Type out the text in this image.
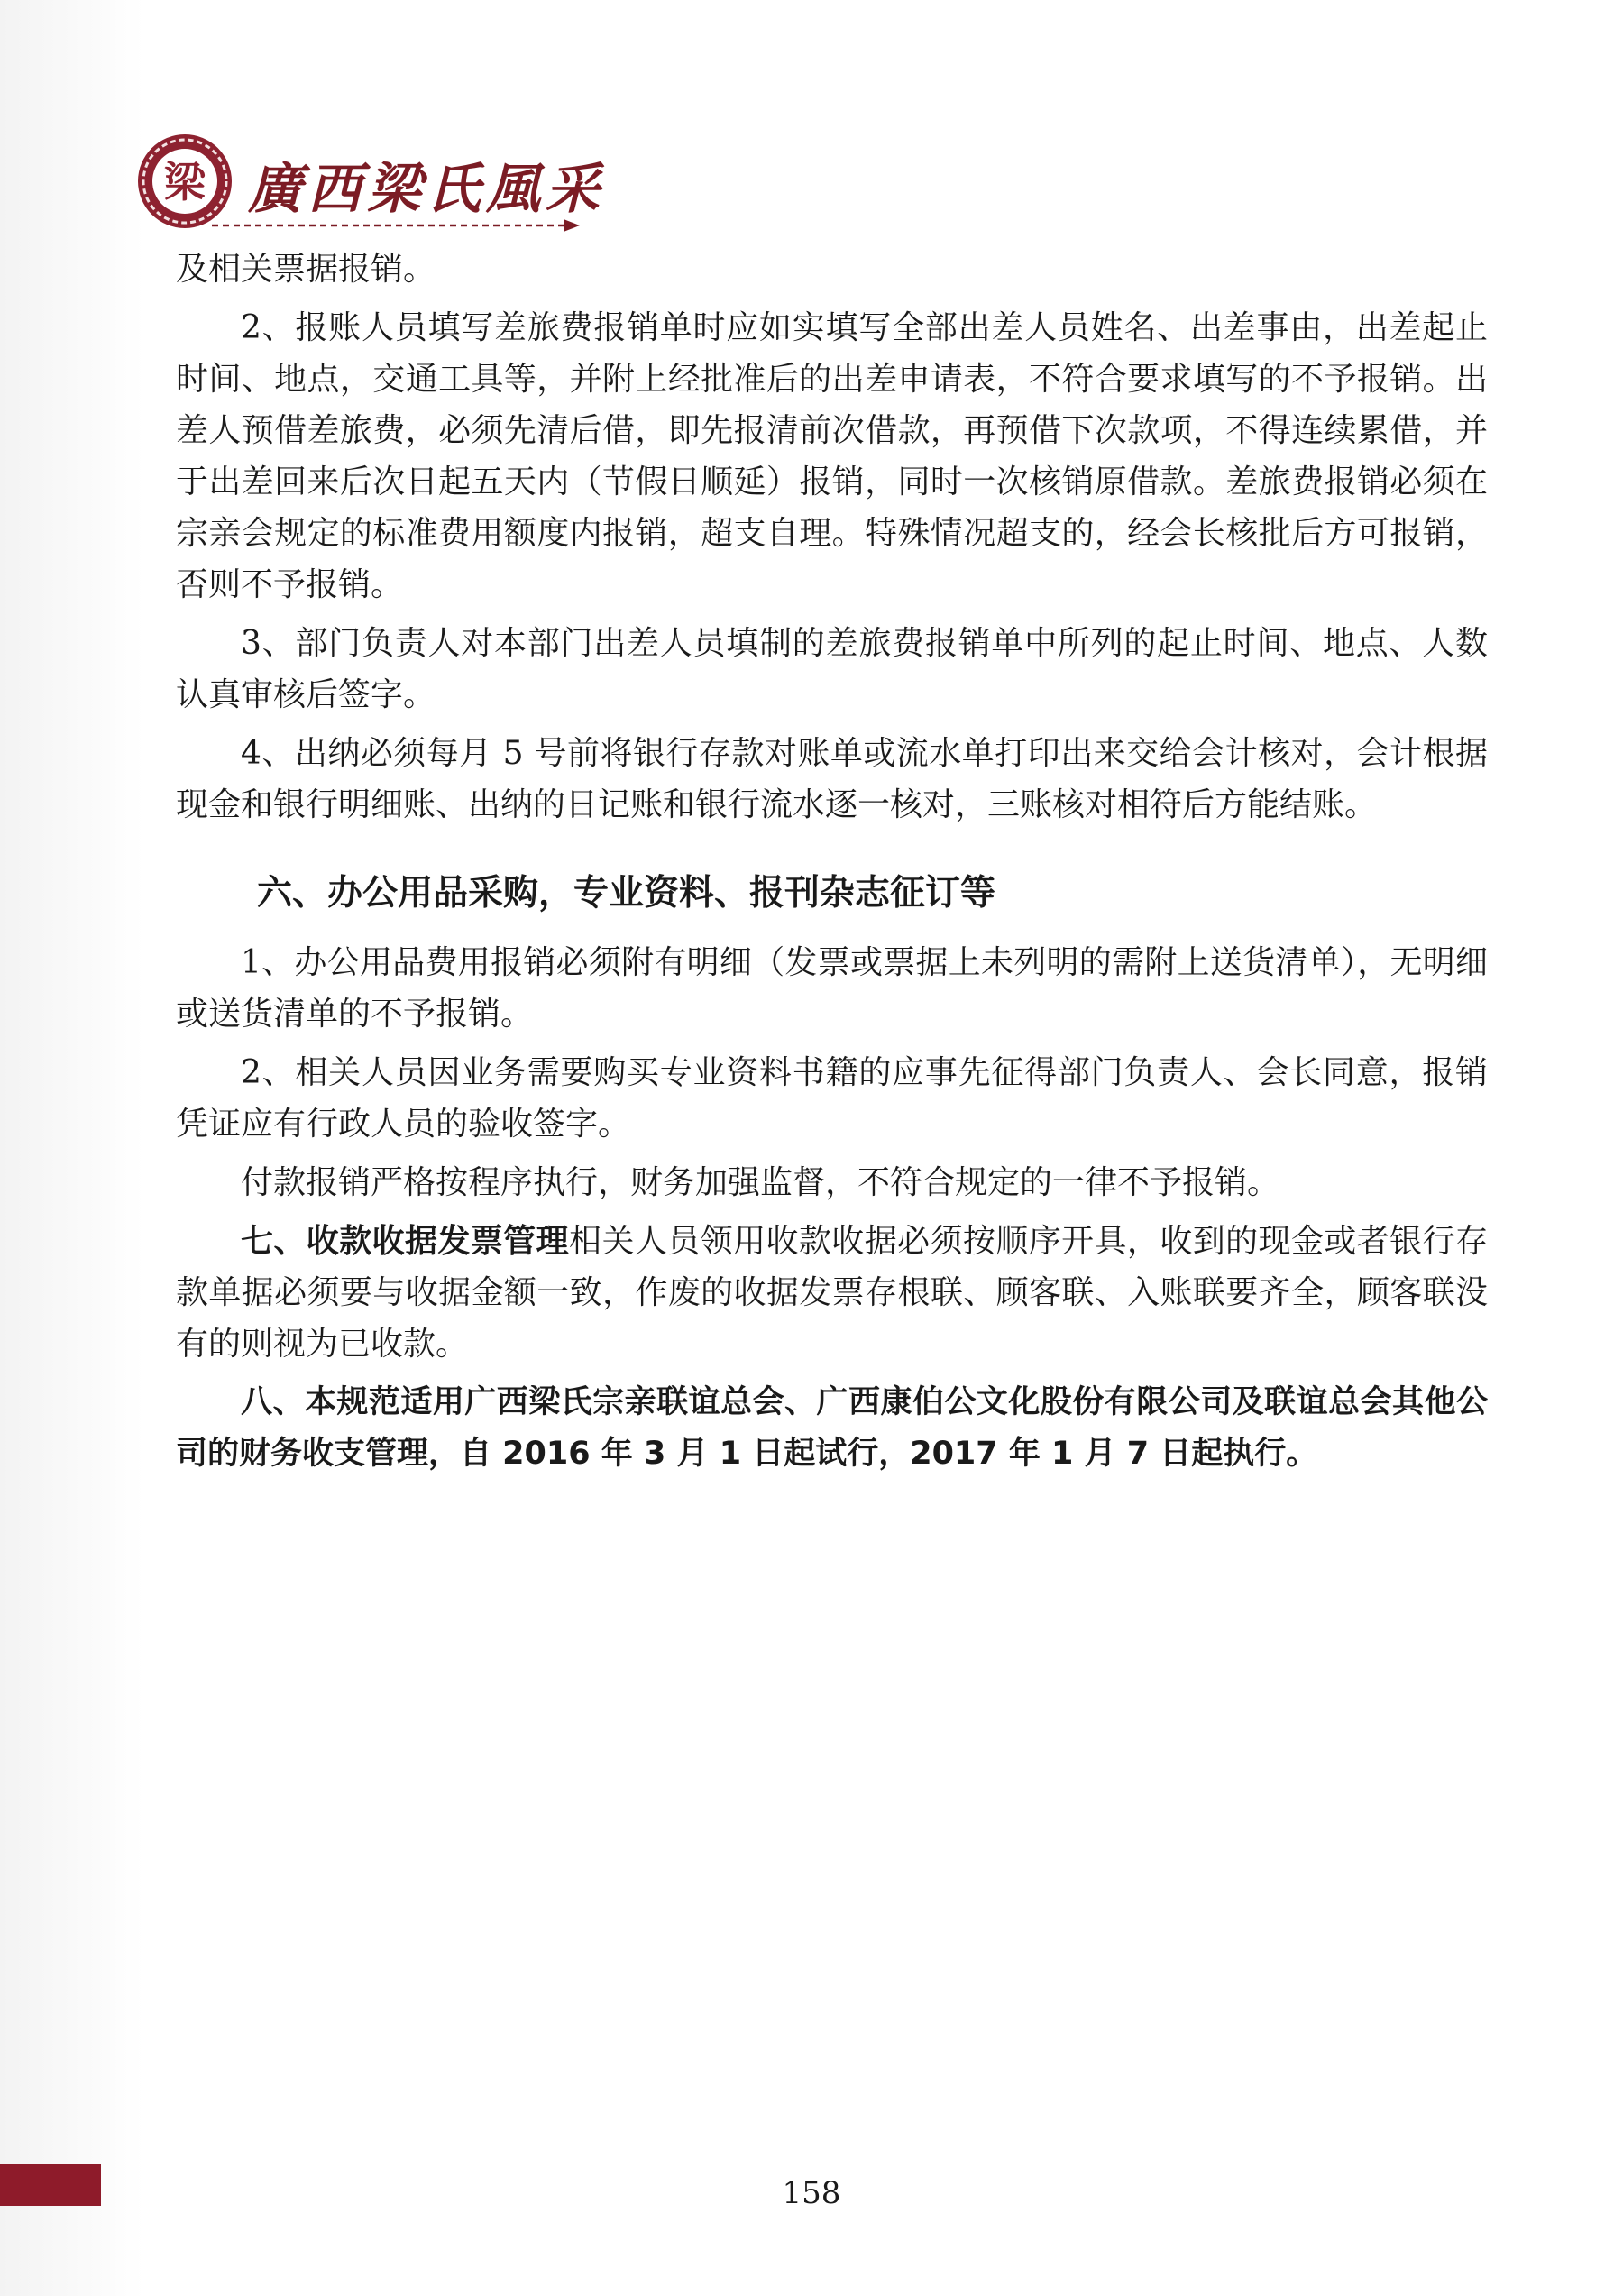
梁 廣西梁氏風采

及相关票据报销。

2、报账人员填写差旅费报销单时应如实填写全部出差人员姓名、出差事由，出差起止时间、地点，交通工具等，并附上经批准后的出差申请表，不符合要求填写的不予报销。出差人预借差旅费，必须先清后借，即先报清前次借款，再预借下次款项，不得连续累借，并于出差回来后次日起五天内（节假日顺延）报销，同时一次核销原借款。差旅费报销必须在宗亲会规定的标准费用额度内报销，超支自理。特殊情况超支的，经会长核批后方可报销，否则不予报销。

3、部门负责人对本部门出差人员填制的差旅费报销单中所列的起止时间、地点、人数认真审核后签字。

4、出纳必须每月 5 号前将银行存款对账单或流水单打印出来交给会计核对，会计根据现金和银行明细账、出纳的日记账和银行流水逐一核对，三账核对相符后方能结账。

六、办公用品采购，专业资料、报刊杂志征订等

1、办公用品费用报销必须附有明细（发票或票据上未列明的需附上送货清单），无明细或送货清单的不予报销。

2、相关人员因业务需要购买专业资料书籍的应事先征得部门负责人、会长同意，报销凭证应有行政人员的验收签字。

付款报销严格按程序执行，财务加强监督，不符合规定的一律不予报销。

七、收款收据发票管理相关人员领用收款收据必须按顺序开具，收到的现金或者银行存款单据必须要与收据金额一致，作废的收据发票存根联、顾客联、入账联要齐全，顾客联没有的则视为已收款。

八、本规范适用广西梁氏宗亲联谊总会、广西康伯公文化股份有限公司及联谊总会其他公司的财务收支管理，自 2016 年 3 月 1 日起试行，2017 年 1 月 7 日起执行。

158
